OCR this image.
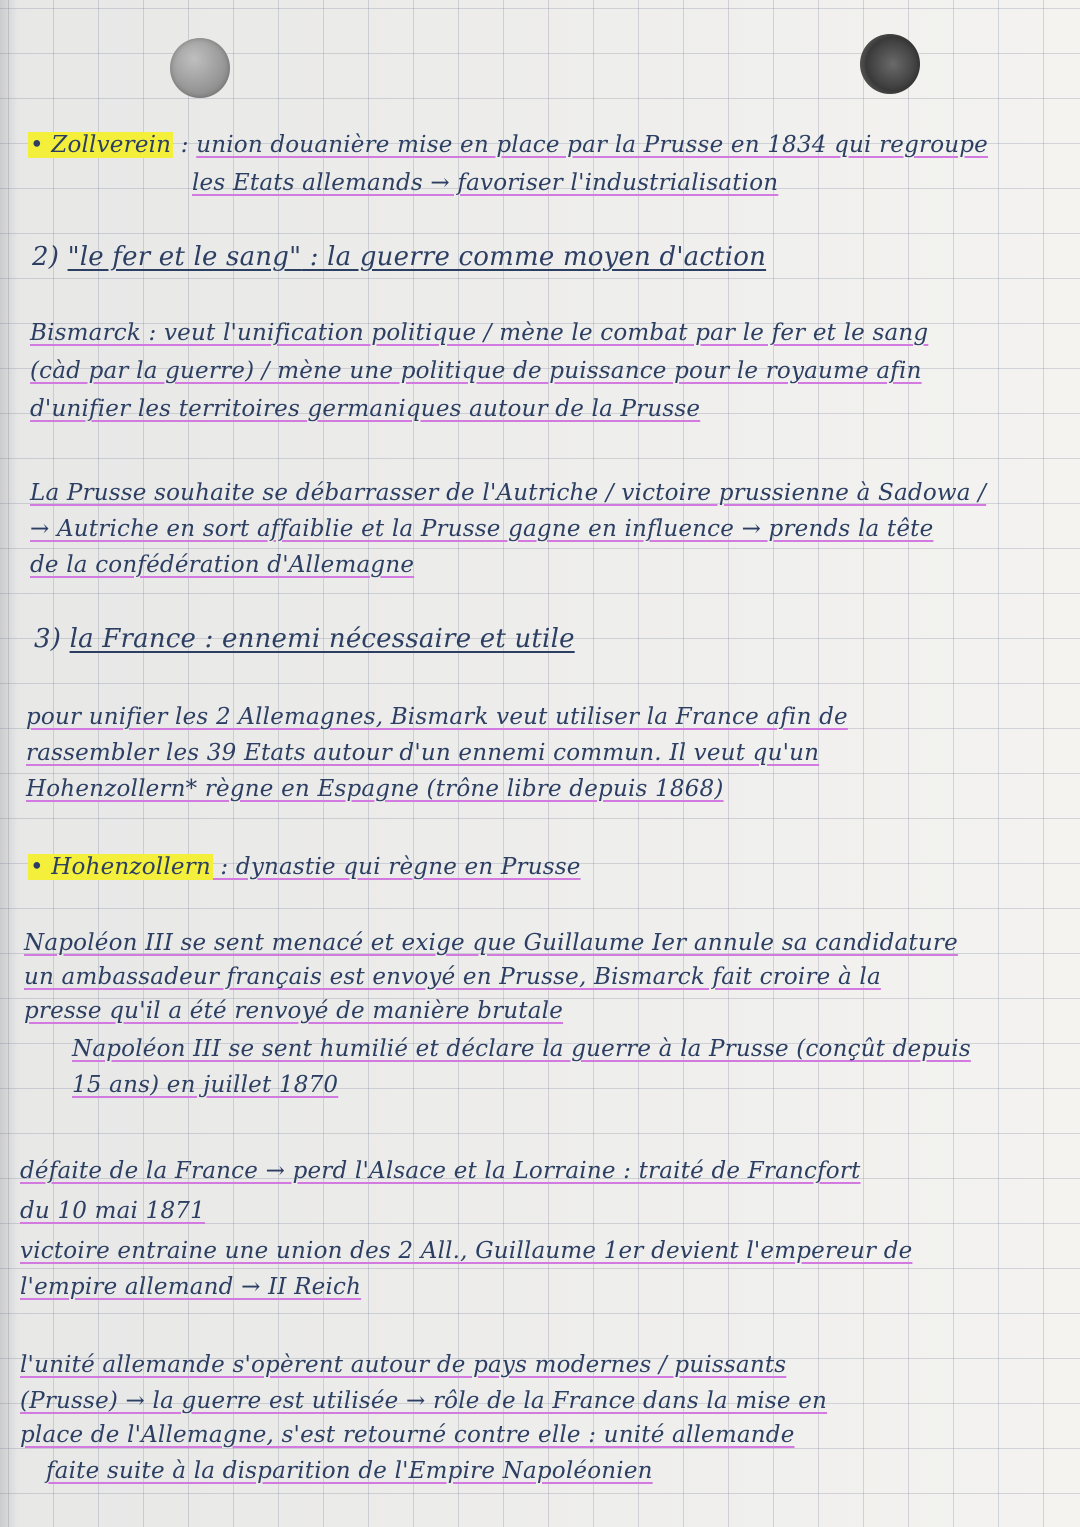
• Zollverein : union douanière mise en place par la Prusse en 1834 qui regroupe

les Etats allemands → favoriser l'industrialisation

2) "le fer et le sang" : la guerre comme moyen d'action

Bismarck : veut l'unification politique / mène le combat par le fer et le sang

(càd par la guerre) / mène une politique de puissance pour le royaume afin

d'unifier les territoires germaniques autour de la Prusse

La Prusse souhaite se débarrasser de l'Autriche / victoire prussienne à Sadowa /

→ Autriche en sort affaiblie et la Prusse gagne en influence → prends la tête

de la confédération d'Allemagne

3) la France : ennemi nécessaire et utile

pour unifier les 2 Allemagnes, Bismark veut utiliser la France afin de

rassembler les 39 Etats autour d'un ennemi commun. Il veut qu'un

Hohenzollern* règne en Espagne (trône libre depuis 1868)

• Hohenzollern : dynastie qui règne en Prusse

Napoléon III se sent menacé et exige que Guillaume Ier annule sa candidature

un ambassadeur français est envoyé en Prusse, Bismarck fait croire à la

presse qu'il a été renvoyé de manière brutale

Napoléon III se sent humilié et déclare la guerre à la Prusse (conçût depuis

15 ans) en juillet 1870

défaite de la France → perd l'Alsace et la Lorraine : traité de Francfort

du 10 mai 1871

victoire entraine une union des 2 All., Guillaume 1er devient l'empereur de

l'empire allemand → II Reich

l'unité allemande s'opèrent autour de pays modernes / puissants

(Prusse) → la guerre est utilisée → rôle de la France dans la mise en

place de l'Allemagne, s'est retourné contre elle : unité allemande

faite suite à la disparition de l'Empire Napoléonien
